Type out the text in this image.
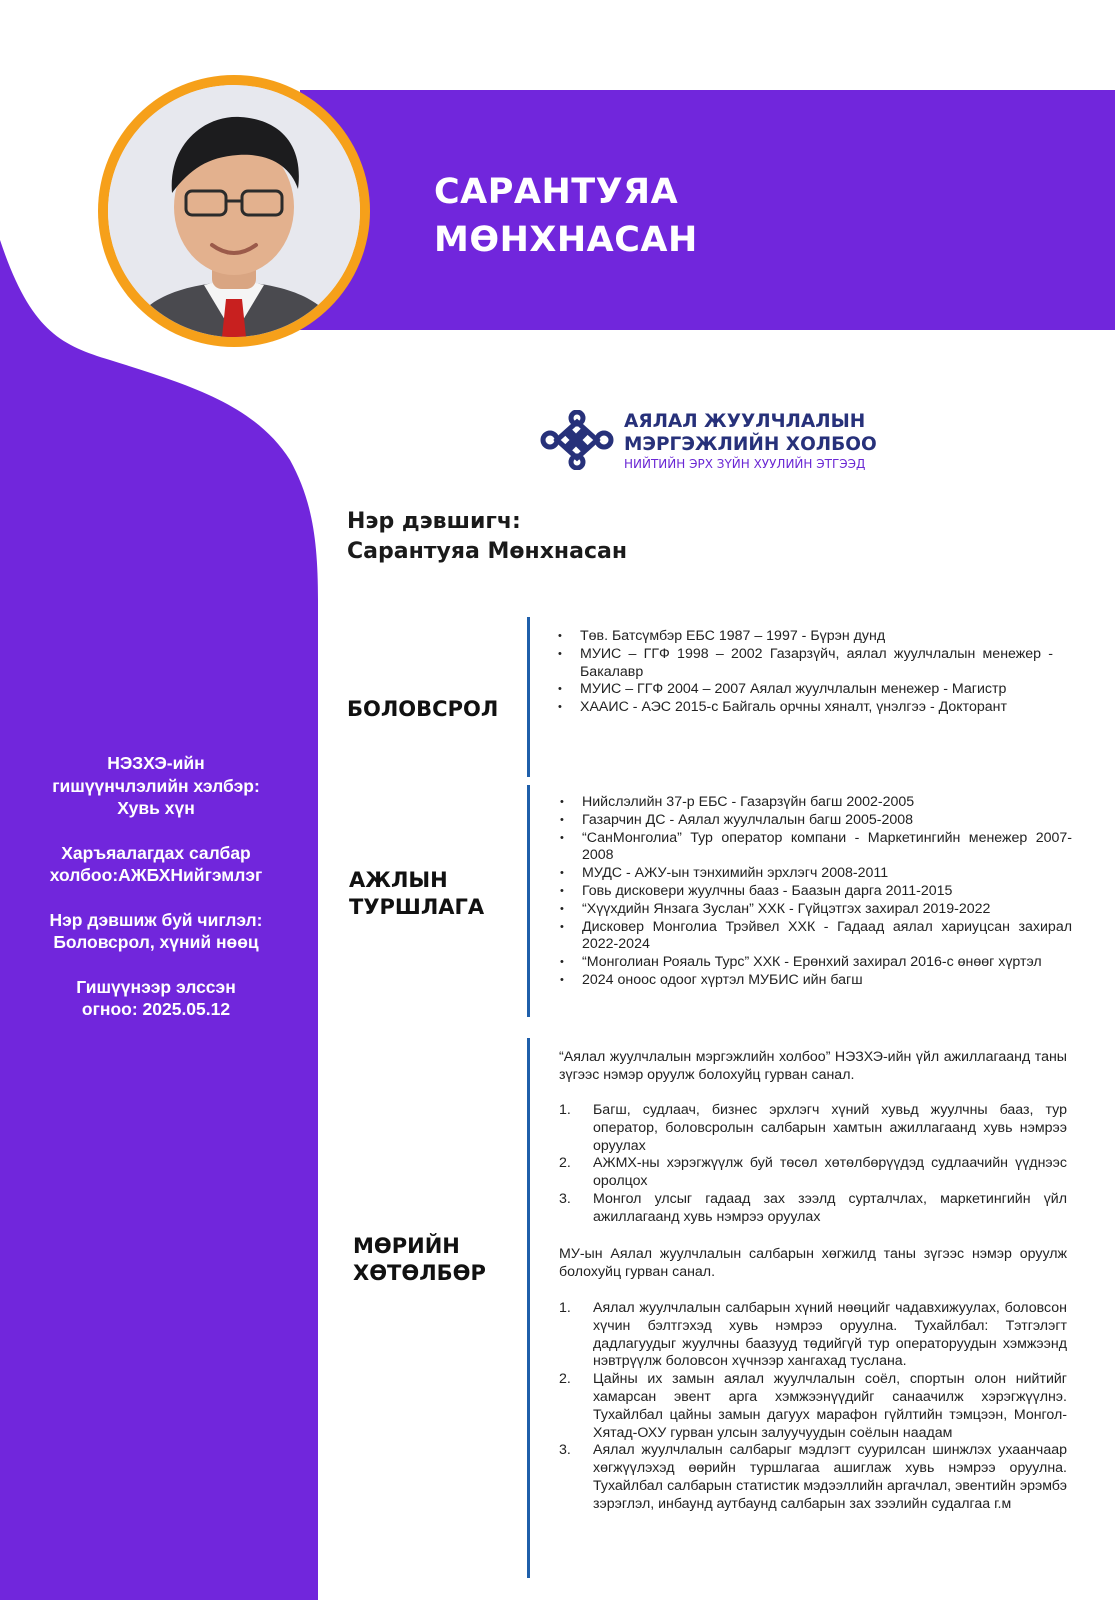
САРАНТУЯА
МӨНХНАСАН
АЯЛАЛ ЖУУЛЧЛАЛЫН
МЭРГЭЖЛИЙН ХОЛБОО
НИЙТИЙН ЭРХ ЗҮЙН ХУУЛИЙН ЭТГЭЭД
Нэр дэвшигч:
Сарантуяа Мөнхнасан
НЭЗХЭ-ийн
гишүүнчлэлийн хэлбэр:
Хувь хүн
Харъяалагдах салбар
холбоо:АЖБХНийгэмлэг
Нэр дэвшиж буй чиглэл:
Боловсрол, хүний нөөц
Гишүүнээр элссэн
огноо: 2025.05.12
БОЛОВСРОЛ
• Төв. Батсүмбэр ЕБС 1987 – 1997 - Бүрэн дунд
• МУИС – ГГФ 1998 – 2002 Газарзүйч, аялал жуулчлалын менежер - Бакалавр
• МУИС – ГГФ 2004 – 2007 Аялал жуулчлалын менежер - Магистр
• ХААИС - АЭС 2015-с Байгаль орчны хяналт, үнэлгээ - Докторант
АЖЛЫН
ТУРШЛАГА
• Нийслэлийн 37-р ЕБС - Газарзүйн багш 2002-2005
• Газарчин ДС - Аялал жуулчлалын багш 2005-2008
• “СанМонголиа” Тур оператор компани - Маркетингийн менежер 2007-2008
• МУДС - АЖУ-ын тэнхимийн эрхлэгч 2008-2011
• Говь дисковери жуулчны бааз - Баазын дарга 2011-2015
• “Хүүхдийн Янзага Зуслан” ХХК - Гүйцэтгэх захирал 2019-2022
• Дисковер Монголиа Трэйвел ХХК - Гадаад аялал хариуцсан захирал 2022-2024
• “Монголиан Рояаль Турс” ХХК - Ерөнхий захирал 2016-с өнөөг хүртэл
• 2024 оноос одоог хүртэл МУБИС ийн багш
МӨРИЙН
ХӨТӨЛБӨР
“Аялал жуулчлалын мэргэжлийн холбоо” НЭЗХЭ-ийн үйл ажиллагаанд таны зүгээс нэмэр оруулж болохуйц гурван санал.
1. Багш, судлаач, бизнес эрхлэгч хүний хувьд жуулчны бааз, тур оператор, боловсролын салбарын хамтын ажиллагаанд хувь нэмрээ оруулах
2. АЖМХ-ны хэрэгжүүлж буй төсөл хөтөлбөрүүдэд судлаачийн үүднээс оролцох
3. Монгол улсыг гадаад зах зээлд сурталчлах, маркетингийн үйл ажиллагаанд хувь нэмрээ оруулах
МУ-ын Аялал жуулчлалын салбарын хөгжилд таны зүгээс нэмэр оруулж болохуйц гурван санал.
1. Аялал жуулчлалын салбарын хүний нөөцийг чадавхижуулах, боловсон хүчин бэлтгэхэд хувь нэмрээ оруулна. Тухайлбал: Тэтгэлэгт дадлагуудыг жуулчны баазууд төдийгүй тур операторуудын хэмжээнд нэвтрүүлж боловсон хүчнээр хангахад туслана.
2. Цайны их замын аялал жуулчлалын соёл, спортын олон нийтийг хамарсан эвент арга хэмжээнүүдийг санаачилж хэрэгжүүлнэ. Тухайлбал цайны замын дагуух марафон гүйлтийн тэмцээн, Монгол-Хятад-ОХУ гурван улсын залуучуудын соёлын наадам
3. Аялал жуулчлалын салбарыг мэдлэгт суурилсан шинжлэх ухаанчаар хөгжүүлэхэд өөрийн туршлагаа ашиглаж хувь нэмрээ оруулна. Тухайлбал салбарын статистик мэдээллийн аргачлал, эвентийн эрэмбэ зэрэглэл, инбаунд аутбаунд салбарын зах зээлийн судалгаа г.м
